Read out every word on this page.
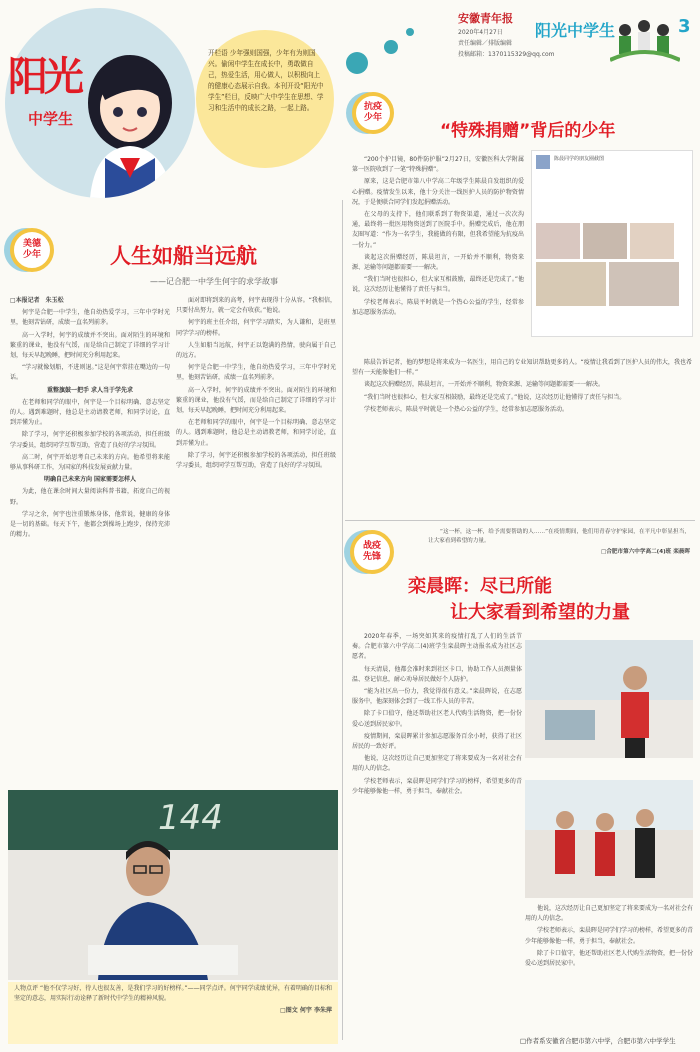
阳光
中学生
开栏语 少年强则国强，少年有为则国兴。偷闲中学生在成长中，勇敢做自己，热爱生活，用心做人，以积极向上的健康心态展示自我。本刊开设“阳光中学生”栏目，反映广大中学生在思想、学习和生活中的成长之路，一起上路。
安徽青年报
2020年4月27日
责任编辑／排版编辑
投稿邮箱：1370115329@qq.com
阳光中学生	3
抗疫
少年
“特殊捐赠”背后的少年

“200个护目镜，80件防护服”2月27日，安徽医科大学附属第一医院收到了一笔“特殊捐赠”。

原来，这是合肥市第八中学高二年级学生陈晨自发组织的爱心捐赠。疫情发生以来，他十分关注一线医护人员的防护物资情况，于是便联合同学们发起捐赠活动。

在父母的支持下，他们联系到了物资渠道，通过一次次沟通，最终将一批医用物资送到了医院手中。捐赠完成后，他在朋友圈写道：“作为一名学生，我能做的有限，但我希望能为抗疫出一份力。”

谈起这次捐赠经历，陈晨坦言，一开始并不顺利，物资来源、运输等问题都需要一一解决。

“我们当时也很担心，但大家互相鼓励，最终还是完成了。”他说，这次经历让他懂得了责任与担当。

学校老师表示，陈晨平时就是一个热心公益的学生，经常参加志愿服务活动。

陈晨同学的朋友圈截图

陈晨告诉记者，他的梦想是将来成为一名医生，用自己的专业知识帮助更多的人。“疫情让我看到了医护人员的伟大，我也希望有一天能像他们一样。”

谈起这次捐赠经历，陈晨坦言，一开始并不顺利，物资来源、运输等问题都需要一一解决。

“我们当时也很担心，但大家互相鼓励，最终还是完成了。”他说，这次经历让他懂得了责任与担当。

学校老师表示，陈晨平时就是一个热心公益的学生，经常参加志愿服务活动。

美德
少年	人生如船当远航
——记合肥一中学生何宇的求学故事

□本报记者　朱玉松

何宇是合肥一中学生，他自幼热爱学习，三年中学时光里，他刻苦钻研，成绩一直名列前茅。

高一入学时，何宇的成绩并不突出。面对陌生的环境和繁重的课业，他没有气馁，而是给自己制定了详细的学习计划，每天早起晚睡，把时间充分利用起来。

“学习就像划船，不进则退。”这是何宇常挂在嘴边的一句话。

重整旗鼓一把手 求人当于学先求

在老师和同学的眼中，何宇是一个目标明确、意志坚定的人。遇到难题时，他总是主动请教老师，和同学讨论，直到弄懂为止。

除了学习，何宇还积极参加学校的各项活动，担任班级学习委员，组织同学互帮互助，营造了良好的学习氛围。

高二时，何宇开始思考自己未来的方向。他希望将来能够从事科研工作，为国家的科技发展贡献力量。

明确自己未来方向 国家需要怎样人

为此，他在课余时间大量阅读科普书籍，拓宽自己的视野。

学习之余，何宇也注重锻炼身体，他常说，健康的身体是一切的基础。每天下午，他都会到操场上跑步，保持充沛的精力。

面对即将到来的高考，何宇表现得十分从容。“我相信，只要付出努力，就一定会有收获。”他说。

何宇的班主任介绍，何宇学习踏实，为人谦和，是班里同学学习的榜样。

人生如船当远航，何宇正以饱满的热情，驶向属于自己的远方。

何宇是合肥一中学生，他自幼热爱学习，三年中学时光里，他刻苦钻研，成绩一直名列前茅。

高一入学时，何宇的成绩并不突出。面对陌生的环境和繁重的课业，他没有气馁，而是给自己制定了详细的学习计划，每天早起晚睡，把时间充分利用起来。

在老师和同学的眼中，何宇是一个目标明确、意志坚定的人。遇到难题时，他总是主动请教老师，和同学讨论，直到弄懂为止。

除了学习，何宇还积极参加学校的各项活动，担任班级学习委员，组织同学互帮互助，营造了良好的学习氛围。

144

人物点评 “他不仅学习好，待人也很友善，是我们学习的好榜样。”——同学点评。何宇同学成绩优异，有着明确的目标和坚定的意志，用实际行动诠释了新时代中学生的精神风貌。

□图文 何宇 李朱萍

战疫
先锋

“这一杯，这一杯，给予需要帮助的人……”在疫情期间，他们用青春守护家园，在平凡中彰显担当，让大家看到希望的力量。

□合肥市第六中学高二(4)班 栾晨晖

栾晨晖：尽已所能
让大家看到希望的力量

2020年春季，一场突如其来的疫情打乱了人们的生活节奏。合肥市第六中学高二(4)班学生栾晨晖主动报名成为社区志愿者。

每天清晨，他都会准时来到社区卡口，协助工作人员测量体温、登记信息，耐心劝导居民做好个人防护。

“能为社区出一份力，我觉得很有意义。”栾晨晖说，在志愿服务中，他深刻体会到了一线工作人员的辛苦。

除了卡口值守，他还帮助社区老人代购生活物资，把一份份爱心送到居民家中。

疫情期间，栾晨晖累计参加志愿服务百余小时，获得了社区居民的一致好评。

他说，这次经历让自己更加坚定了将来要成为一名对社会有用的人的信念。

学校老师表示，栾晨晖是同学们学习的榜样，希望更多的青少年能够像他一样，勇于担当，奉献社会。

他说，这次经历让自己更加坚定了将来要成为一名对社会有用的人的信念。

学校老师表示，栾晨晖是同学们学习的榜样，希望更多的青少年能够像他一样，勇于担当，奉献社会。

除了卡口值守，他还帮助社区老人代购生活物资，把一份份爱心送到居民家中。

□作者系安徽省合肥市第六中学，合肥市第六中学学生
